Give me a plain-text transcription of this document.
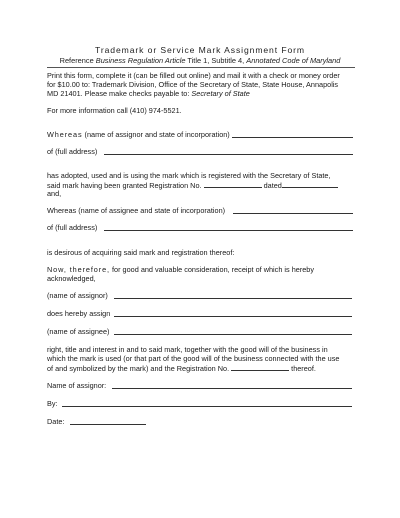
Trademark or Service Mark Assignment Form
Reference Business Regulation Article Title 1, Subtitle 4, Annotated Code of Maryland
Print this form, complete it (can be filled out online) and mail it with a check or money order
for $10.00 to: Trademark Division, Office of the Secretary of State, State House, Annapolis
MD 21401. Please make checks payable to: Secretary of State
For more information call (410) 974-5521.
Whereas (name of assignor and state of incorporation)
of (full address)
has adopted, used and is using the mark which is registered with the Secretary of State,
said mark having been granted Registration No.	dated
and,
Whereas (name of assignee and state of incorporation)
of (full address)
is desirous of acquiring said mark and registration thereof:
Now, therefore, for good and valuable consideration, receipt of which is hereby
acknowledged,
(name of assignor)
does hereby assign
(name of assignee)
right, title and interest in and to said mark, together with the good will of the business in
which the mark is used (or that part of the good will of the business connected with the use
of and symbolized by the mark) and the Registration No.	thereof.
Name of assignor:
By:
Date:
